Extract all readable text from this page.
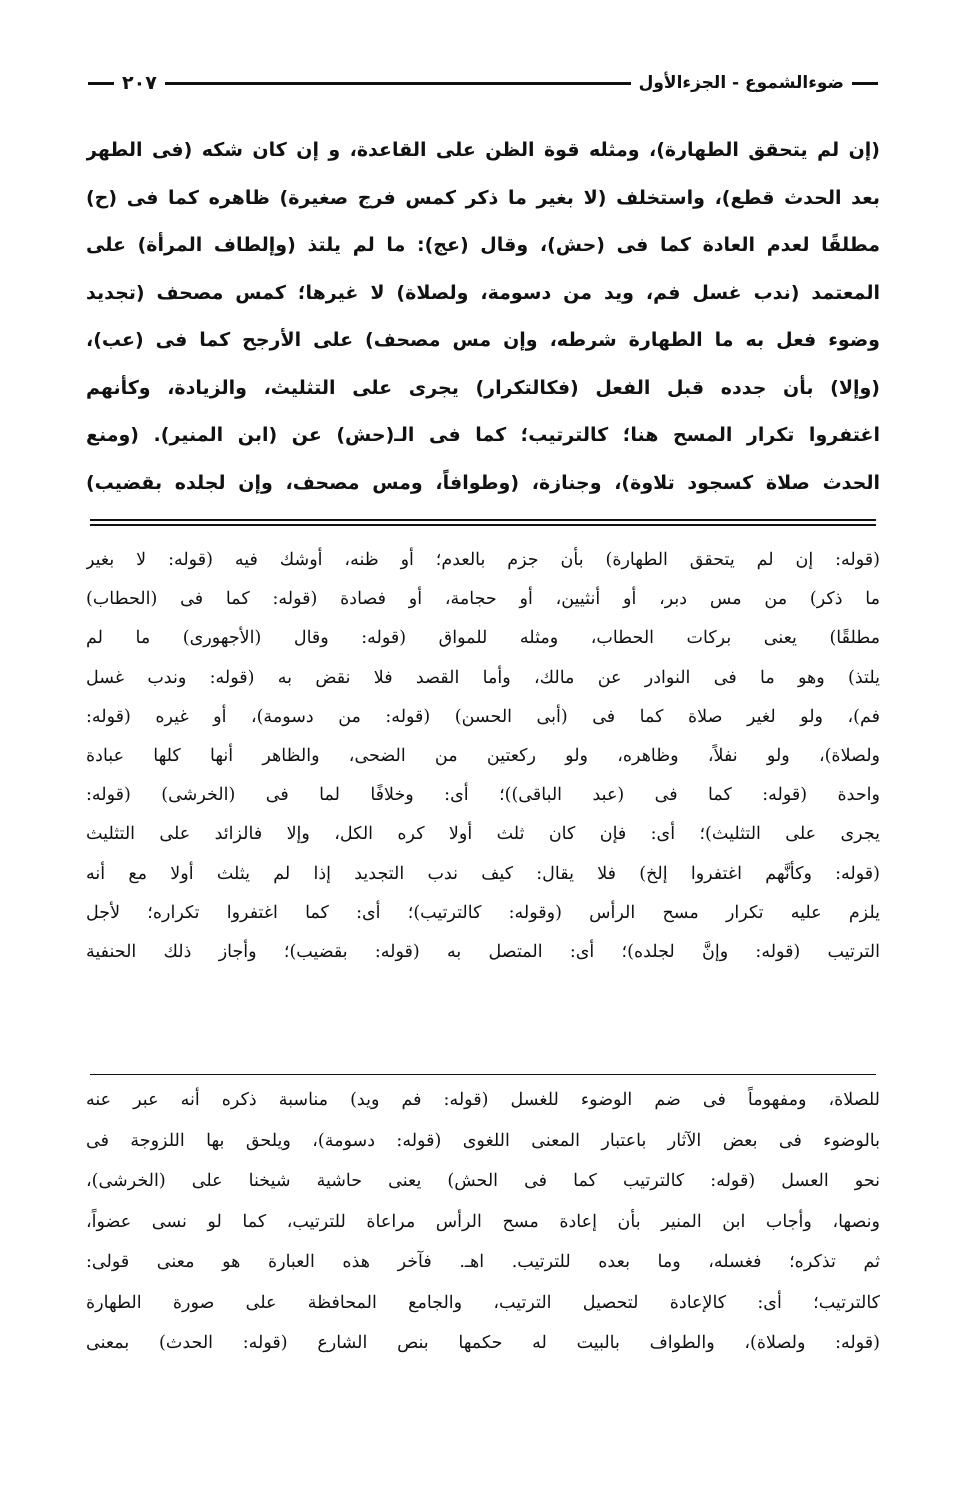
ضوءالشموع - الجزءالأول
٢٠٧
(إن لم يتحقق الطهارة)، ومثله قوة الظن على القاعدة، و إن كان شكه (فى الطهر
بعد الحدث قطع)، واستخلف (لا بغير ما ذكر كمس فرج صغيرة) ظاهره كما فى (ح)
مطلقًا لعدم العادة كما فى (حش)، وقال (عج): ما لم يلتذ (وإلطاف المرأة) على
المعتمد (ندب غسل فم، ويد من دسومة، ولصلاة) لا غيرها؛ كمس مصحف (تجديد
وضوء فعل به ما الطهارة شرطه، وإن مس مصحف) على الأرجح كما فى (عب)،
(وإلا) بأن جدده قبل الفعل (فكالتكرار) يجرى على التثليث، والزيادة، وكأنهم
اغتفروا تكرار المسح هنا؛ كالترتيب؛ كما فى الـ(حش) عن (ابن المنير). (ومنع
الحدث صلاة كسجود تلاوة)، وجنازة، (وطوافاً، ومس مصحف، وإن لجلده بقضيب)
(قوله: إن لم يتحقق الطهارة) بأن جزم بالعدم؛ أو ظنه، أوشك فيه (قوله: لا بغير
ما ذكر) من مس دبر، أو أنثيين، أو حجامة، أو فصادة (قوله: كما فى (الحطاب)
مطلقًا) يعنى بركات الحطاب، ومثله للمواق (قوله: وقال (الأجهورى) ما لم
يلتذ) وهو ما فى النوادر عن مالك، وأما القصد فلا نقض به (قوله: وندب غسل
فم)، ولو لغير صلاة كما فى (أبى الحسن) (قوله: من دسومة)، أو غيره (قوله:
ولصلاة)، ولو نفلاً، وظاهره، ولو ركعتين من الضحى، والظاهر أنها كلها عبادة
واحدة (قوله: كما فى (عبد الباقى))؛ أى: وخلافًا لما فى (الخرشى) (قوله:
يجرى على التثليث)؛ أى: فإن كان ثلث أولا كره الكل، وإلا فالزائد على التثليث
(قوله: وكأنَّهم اغتفروا إلخ) فلا يقال: كيف ندب التجديد إذا لم يثلث أولا مع أنه
يلزم عليه تكرار مسح الرأس (وقوله: كالترتيب)؛ أى: كما اغتفروا تكراره؛ لأجل
الترتيب (قوله: وإنَّ لجلده)؛ أى: المتصل به (قوله: بقضيب)؛ وأجاز ذلك الحنفية
للصلاة، ومفهوماً فى ضم الوضوء للغسل (قوله: فم ويد) مناسبة ذكره أنه عبر عنه
بالوضوء فى بعض الآثار باعتبار المعنى اللغوى (قوله: دسومة)، ويلحق بها اللزوجة فى
نحو العسل (قوله: كالترتيب كما فى الحش) يعنى حاشية شيخنا على (الخرشى)،
ونصها، وأجاب ابن المنير بأن إعادة مسح الرأس مراعاة للترتيب، كما لو نسى عضواً،
ثم تذكره؛ فغسله، وما بعده للترتيب. اهـ. فآخر هذه العبارة هو معنى قولى:
كالترتيب؛ أى: كالإعادة لتحصيل الترتيب، والجامع المحافظة على صورة الطهارة
(قوله: ولصلاة)، والطواف بالبيت له حكمها بنص الشارع (قوله: الحدث) بمعنى
